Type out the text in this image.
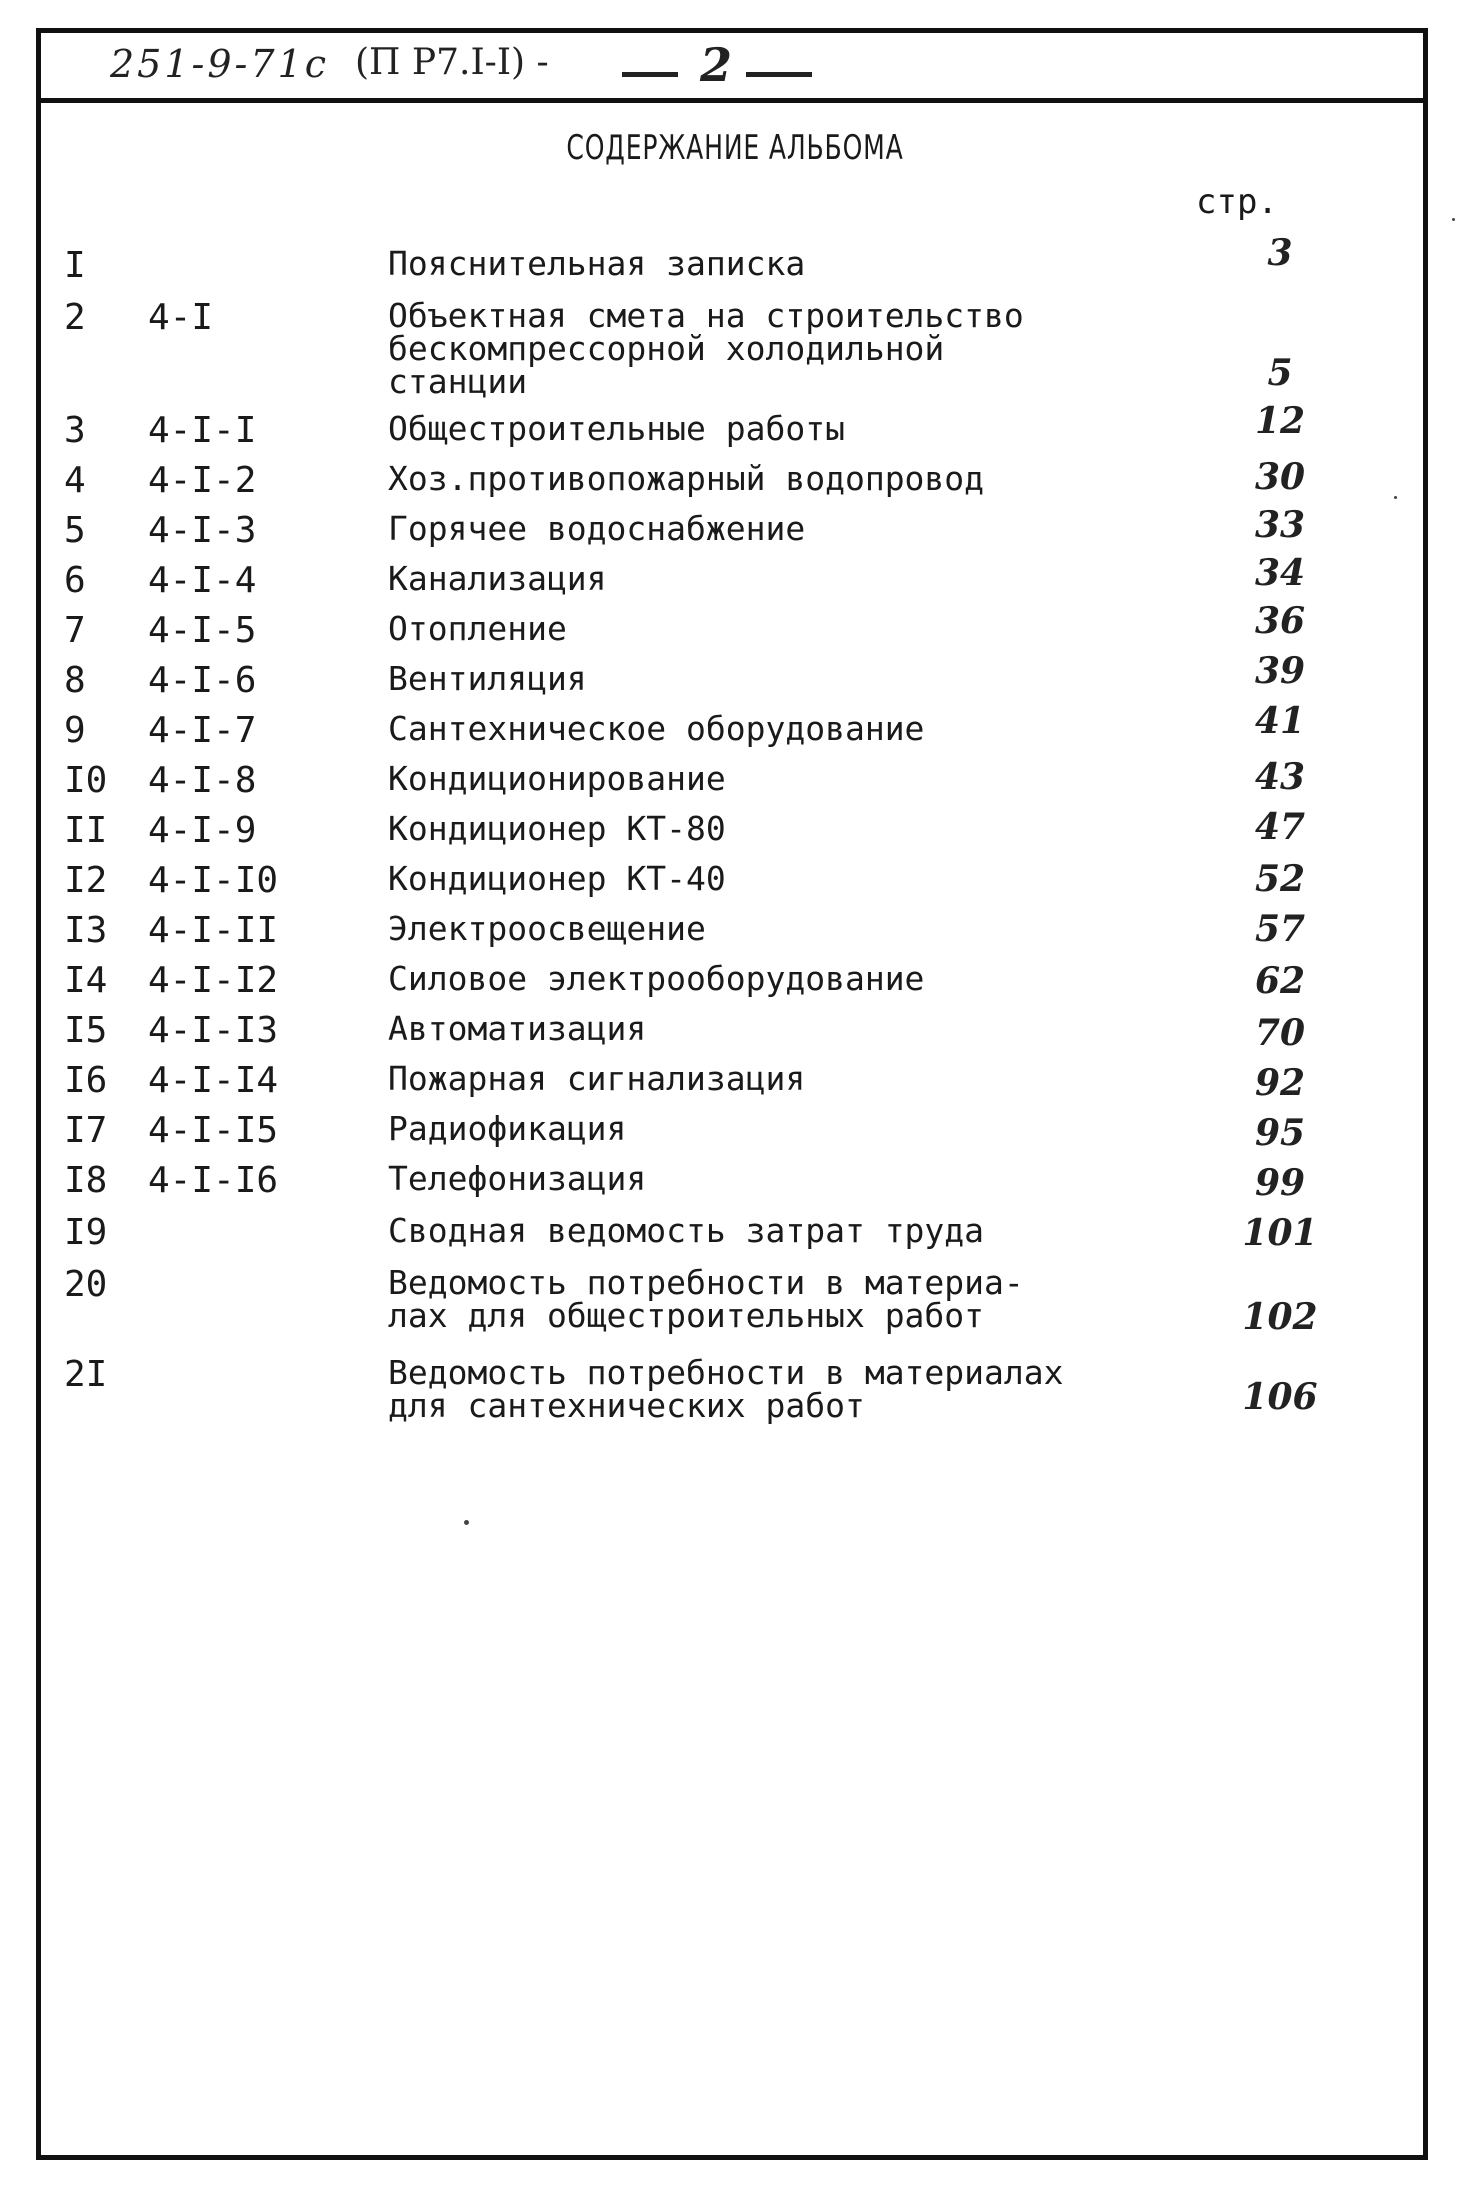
251-9-71с (П Р7.I-I) -	2
СОДЕРЖАНИЕ АЛЬБОМА
стр.
I	Пояснительная записка	3
2 4-I	Объектная смета на строительство
бескомпрессорной холодильной
станции	5
3 4-I-I	Общестроительные работы	12
4 4-I-2	Хоз.противопожарный водопровод	30
5 4-I-3	Горячее водоснабжение	33
6 4-I-4	Канализация	34
7 4-I-5	Отопление	36
8 4-I-6	Вентиляция	39
9 4-I-7	Сантехническое оборудование	41
I0 4-I-8	Кондиционирование	43
II 4-I-9	Кондиционер КТ-80	47
I2 4-I-I0	Кондиционер КТ-40	52
I3 4-I-II	Электроосвещение	57
I4 4-I-I2	Силовое электрооборудование	62
I5 4-I-I3	Автоматизация	70
I6 4-I-I4	Пожарная сигнализация	92
I7 4-I-I5	Радиофикация	95
I8 4-I-I6	Телефонизация	99
I9	Сводная ведомость затрат труда	101
20	Ведомость потребности в материа-
лах для общестроительных работ	102
2I	Ведомость потребности в материалах
для сантехнических работ	106
